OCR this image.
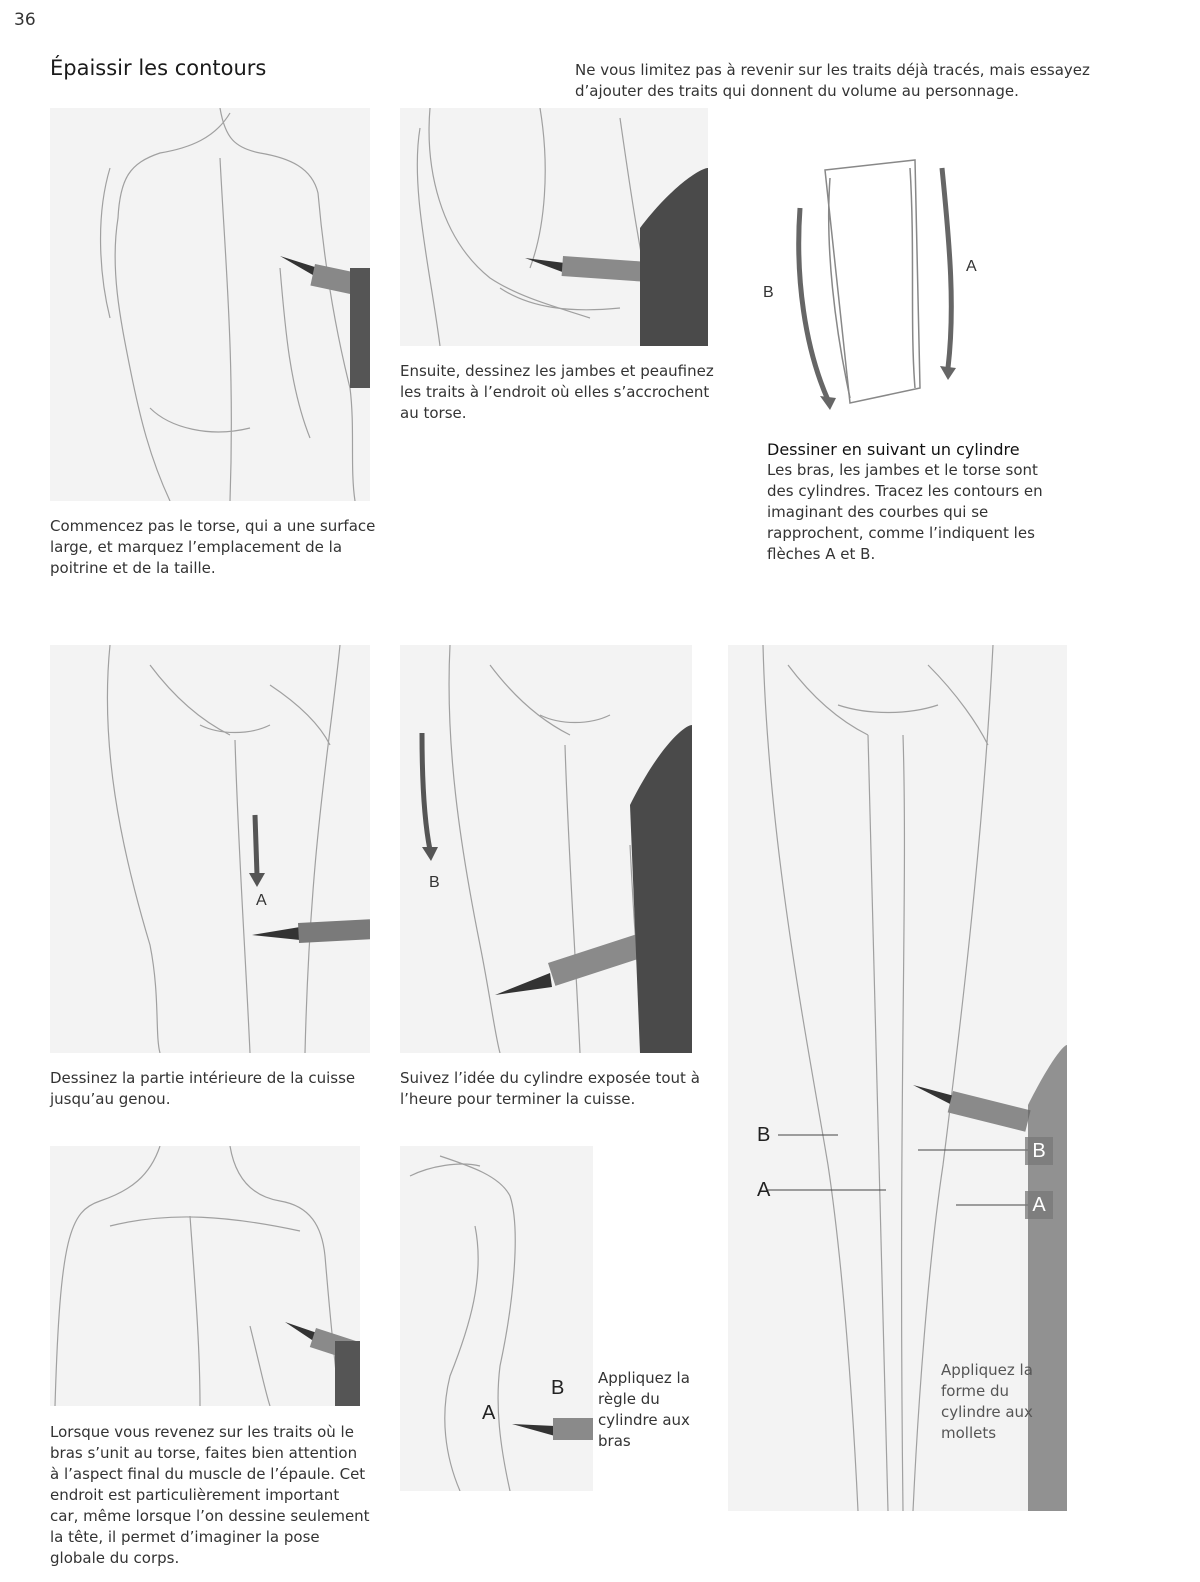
36
Épaissir les contours	Ne vous limitez pas à revenir sur les traits déjà tracés, mais essayez d’ajouter des traits qui donnent du volume au personnage.
Commencez pas le torse, qui a une surface large, et marquez l’emplacement de la poitrine et de la taille.
Ensuite, dessinez les jambes et peaufinez les traits à l’endroit où elles s’accrochent au torse.
A
B
Dessiner en suivant un cylindre
Les bras, les jambes et le torse sont des cylindres. Tracez les contours en imaginant des courbes qui se rapprochent, comme l’indiquent les flèches A et B.
A
Dessinez la partie intérieure de la cuisse jusqu’au genou.
B
Suivez l’idée du cylindre exposée tout à l’heure pour terminer la cuisse.
Lorsque vous revenez sur les traits où le bras s’unit au torse, faites bien attention à l’aspect final du muscle de l’épaule. Cet endroit est particulièrement important car, même lorsque l’on dessine seulement la tête, il permet d’imaginer la pose globale du corps.
A
B Appliquez la règle du cylindre aux bras
B
A
B
A
Appliquez la forme du cylindre aux mollets
